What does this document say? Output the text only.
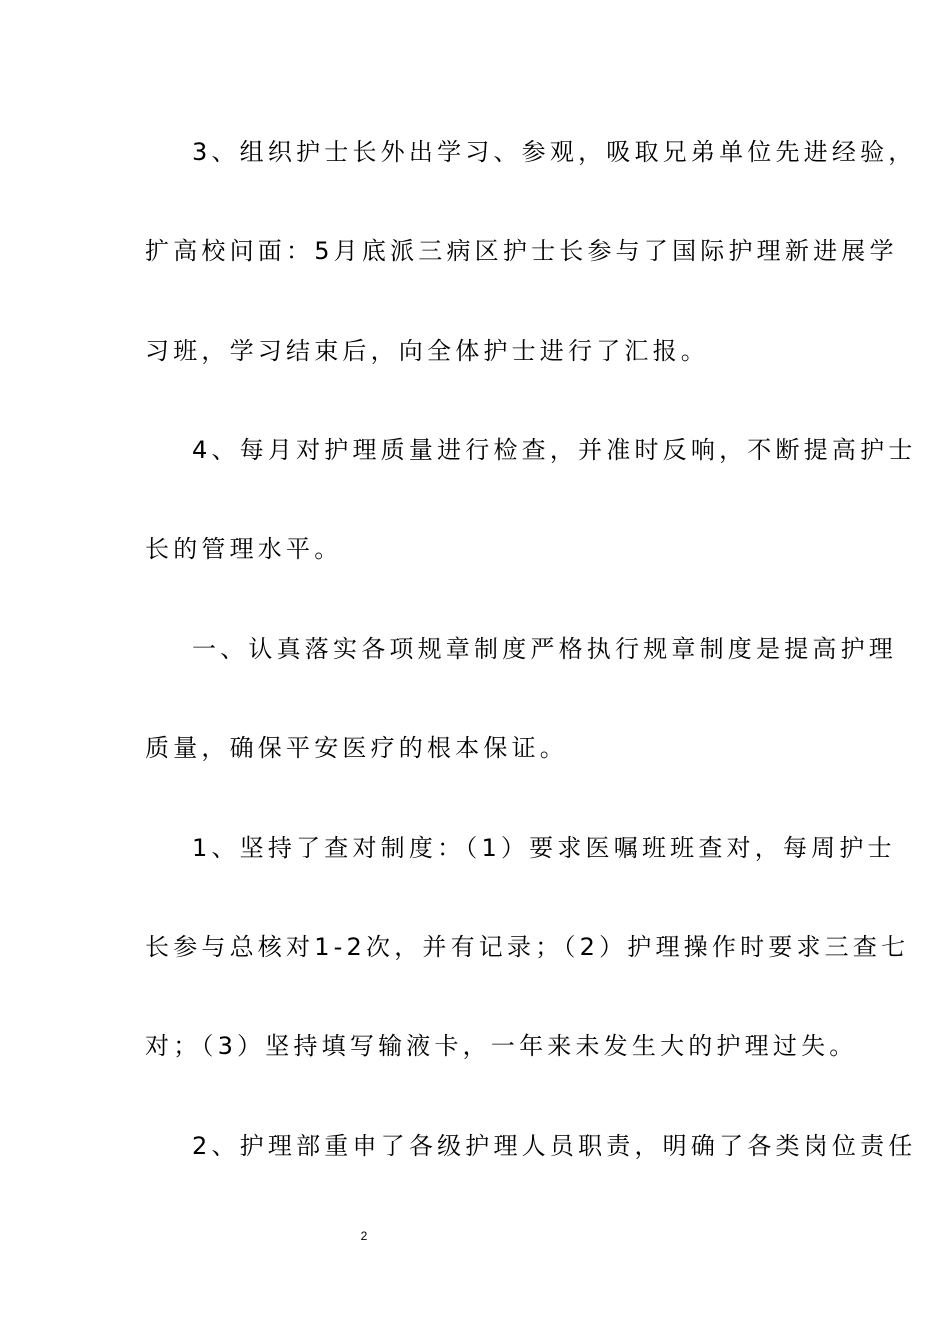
3、组织护士长外出学习、参观，吸取兄弟单位先进经验，
扩高校问面：5月底派三病区护士长参与了国际护理新进展学
习班，学习结束后，向全体护士进行了汇报。
4、每月对护理质量进行检查，并准时反响，不断提高护士
长的管理水平。
一、认真落实各项规章制度严格执行规章制度是提高护理
质量，确保平安医疗的根本保证。
1、坚持了查对制度：（1）要求医嘱班班查对，每周护士
长参与总核对1-2次，并有记录；（2）护理操作时要求三查七
对；（3）坚持填写输液卡，一年来未发生大的护理过失。
2、护理部重申了各级护理人员职责，明确了各类岗位责任
2
